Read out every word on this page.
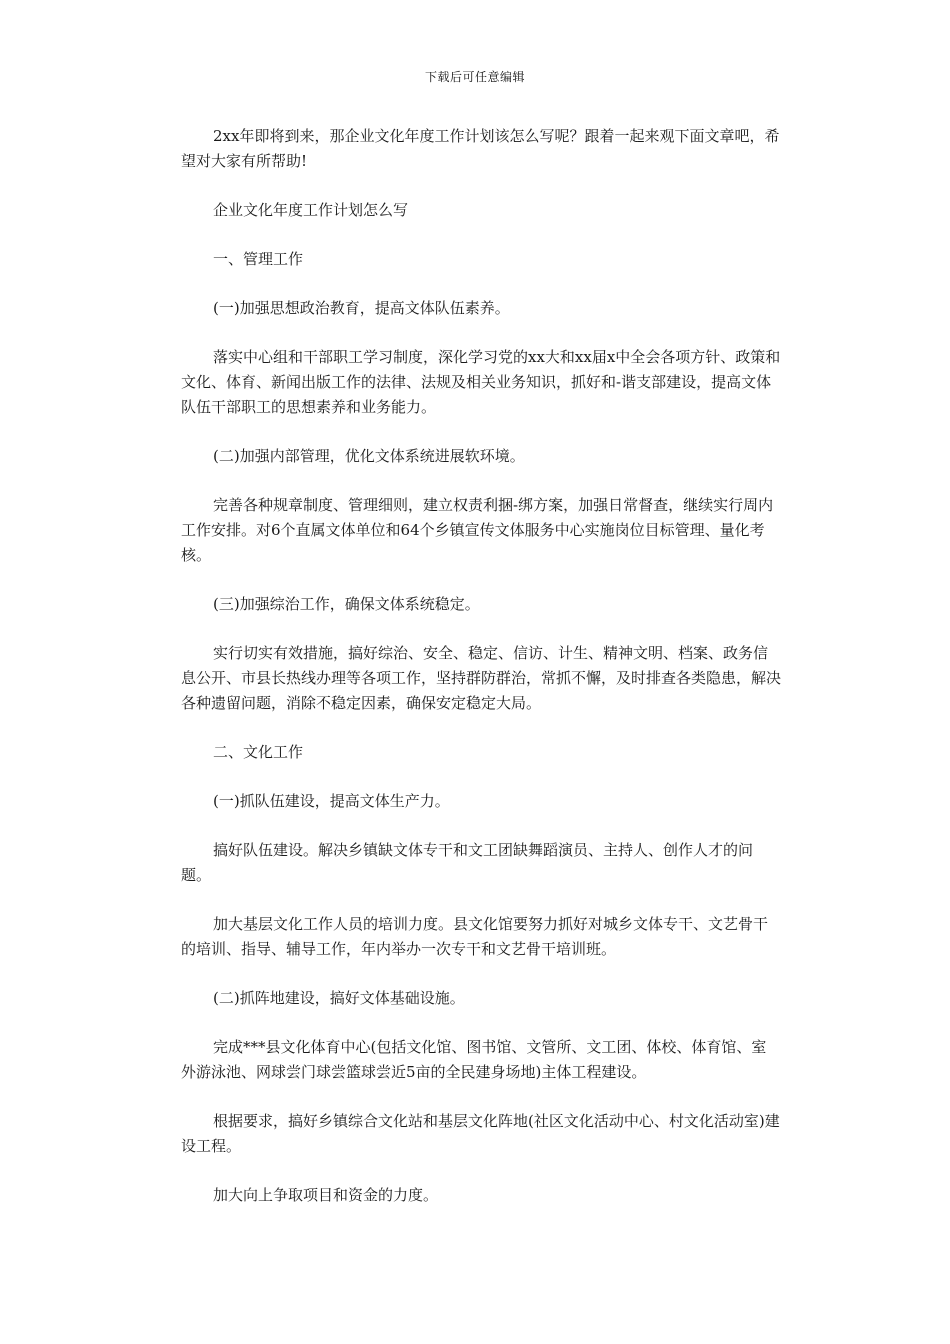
下载后可任意编辑

2xx年即将到来，那企业文化年度工作计划该怎么写呢？跟着一起来观下面文章吧，希望对大家有所帮助!

企业文化年度工作计划怎么写

一、管理工作

(一)加强思想政治教育，提高文体队伍素养。

落实中心组和干部职工学习制度，深化学习党的xx大和xx届x中全会各项方针、政策和文化、体育、新闻出版工作的法律、法规及相关业务知识，抓好和-谐支部建设，提高文体队伍干部职工的思想素养和业务能力。

(二)加强内部管理，优化文体系统进展软环境。

完善各种规章制度、管理细则，建立权责利捆-绑方案，加强日常督查，继续实行周内工作安排。对6个直属文体单位和64个乡镇宣传文体服务中心实施岗位目标管理、量化考核。

(三)加强综治工作，确保文体系统稳定。

实行切实有效措施，搞好综治、安全、稳定、信访、计生、精神文明、档案、政务信息公开、市县长热线办理等各项工作，坚持群防群治，常抓不懈，及时排查各类隐患，解决各种遗留问题，消除不稳定因素，确保安定稳定大局。

二、文化工作

(一)抓队伍建设，提高文体生产力。

搞好队伍建设。解决乡镇缺文体专干和文工团缺舞蹈演员、主持人、创作人才的问题。

加大基层文化工作人员的培训力度。县文化馆要努力抓好对城乡文体专干、文艺骨干的培训、指导、辅导工作，年内举办一次专干和文艺骨干培训班。

(二)抓阵地建设，搞好文体基础设施。

完成***县文化体育中心(包括文化馆、图书馆、文管所、文工团、体校、体育馆、室外游泳池、网球尝门球尝篮球尝近5亩的全民建身场地)主体工程建设。

根据要求，搞好乡镇综合文化站和基层文化阵地(社区文化活动中心、村文化活动室)建设工程。

加大向上争取项目和资金的力度。
